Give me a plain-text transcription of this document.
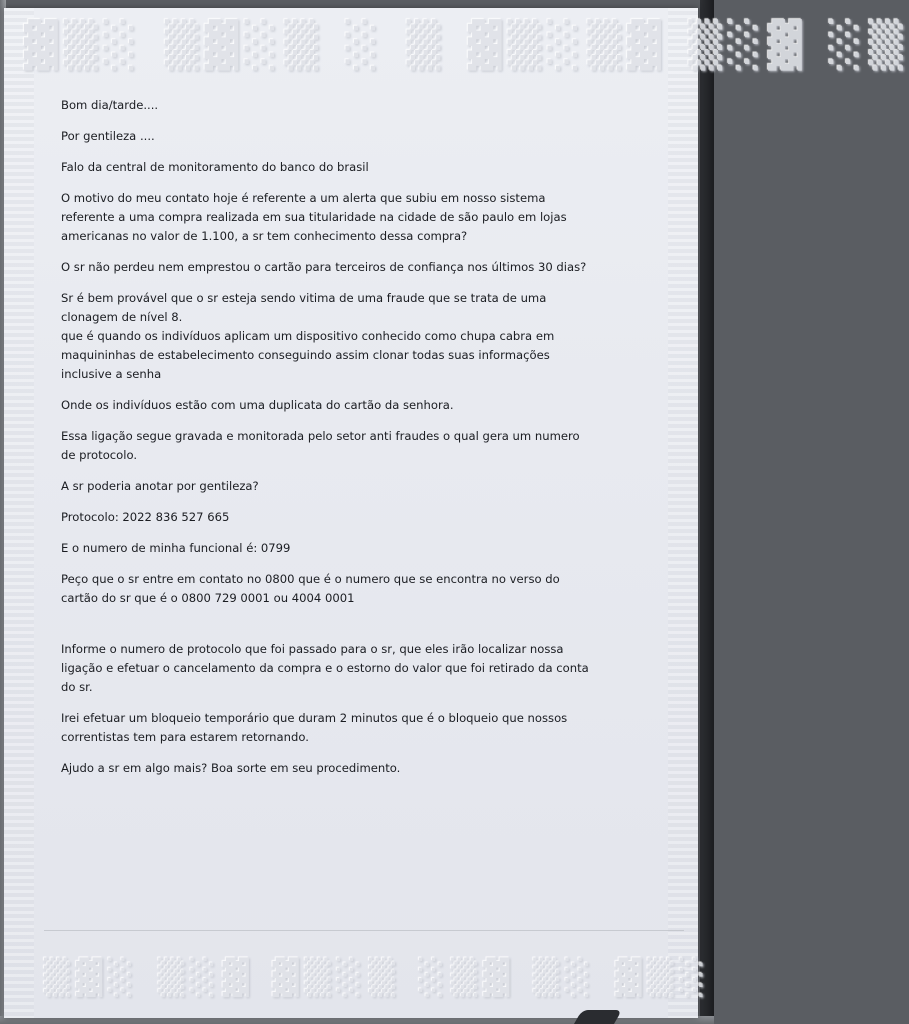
▓▒░ ▒▓░▒ ░ ▒ ▓▒░▒▓ ▒░▓ ░▒
▒▓░ ▒░▓ ▓▒░▒ ░▒▓ ▒░ ▓▒░

Bom dia/tarde....

Por gentileza ....

Falo da central de monitoramento do banco do brasil

O motivo do meu contato hoje é referente a um alerta que subiu em nosso sistema referente a uma compra realizada em sua titularidade na cidade de são paulo em lojas americanas no valor de 1.100, a sr tem conhecimento dessa compra?

O sr não perdeu nem emprestou o cartão para terceiros de confiança nos últimos 30 dias?

Sr é bem provável que o sr esteja sendo vitima de uma fraude que se trata de uma clonagem de nível 8.
que é quando os indivíduos aplicam um dispositivo conhecido como chupa cabra em maquininhas de estabelecimento conseguindo assim clonar todas suas informações inclusive a senha

Onde os indivíduos estão com uma duplicata do cartão da senhora.

Essa ligação segue gravada e monitorada pelo setor anti fraudes o qual gera um numero de protocolo.

A sr poderia anotar por gentileza?

Protocolo: 2022 836 527 665

E o numero de minha funcional é: 0799

Peço que o sr entre em contato no 0800 que é o numero que se encontra no verso do cartão do sr que é o 0800 729 0001 ou 4004 0001

Informe o numero de protocolo que foi passado para o sr, que eles irão localizar nossa ligação e efetuar o cancelamento da compra e o estorno do valor que foi retirado da conta do sr.

Irei efetuar um bloqueio temporário que duram 2 minutos que é o bloqueio que nossos correntistas tem para estarem retornando.

Ajudo a sr em algo mais? Boa sorte em seu procedimento.
